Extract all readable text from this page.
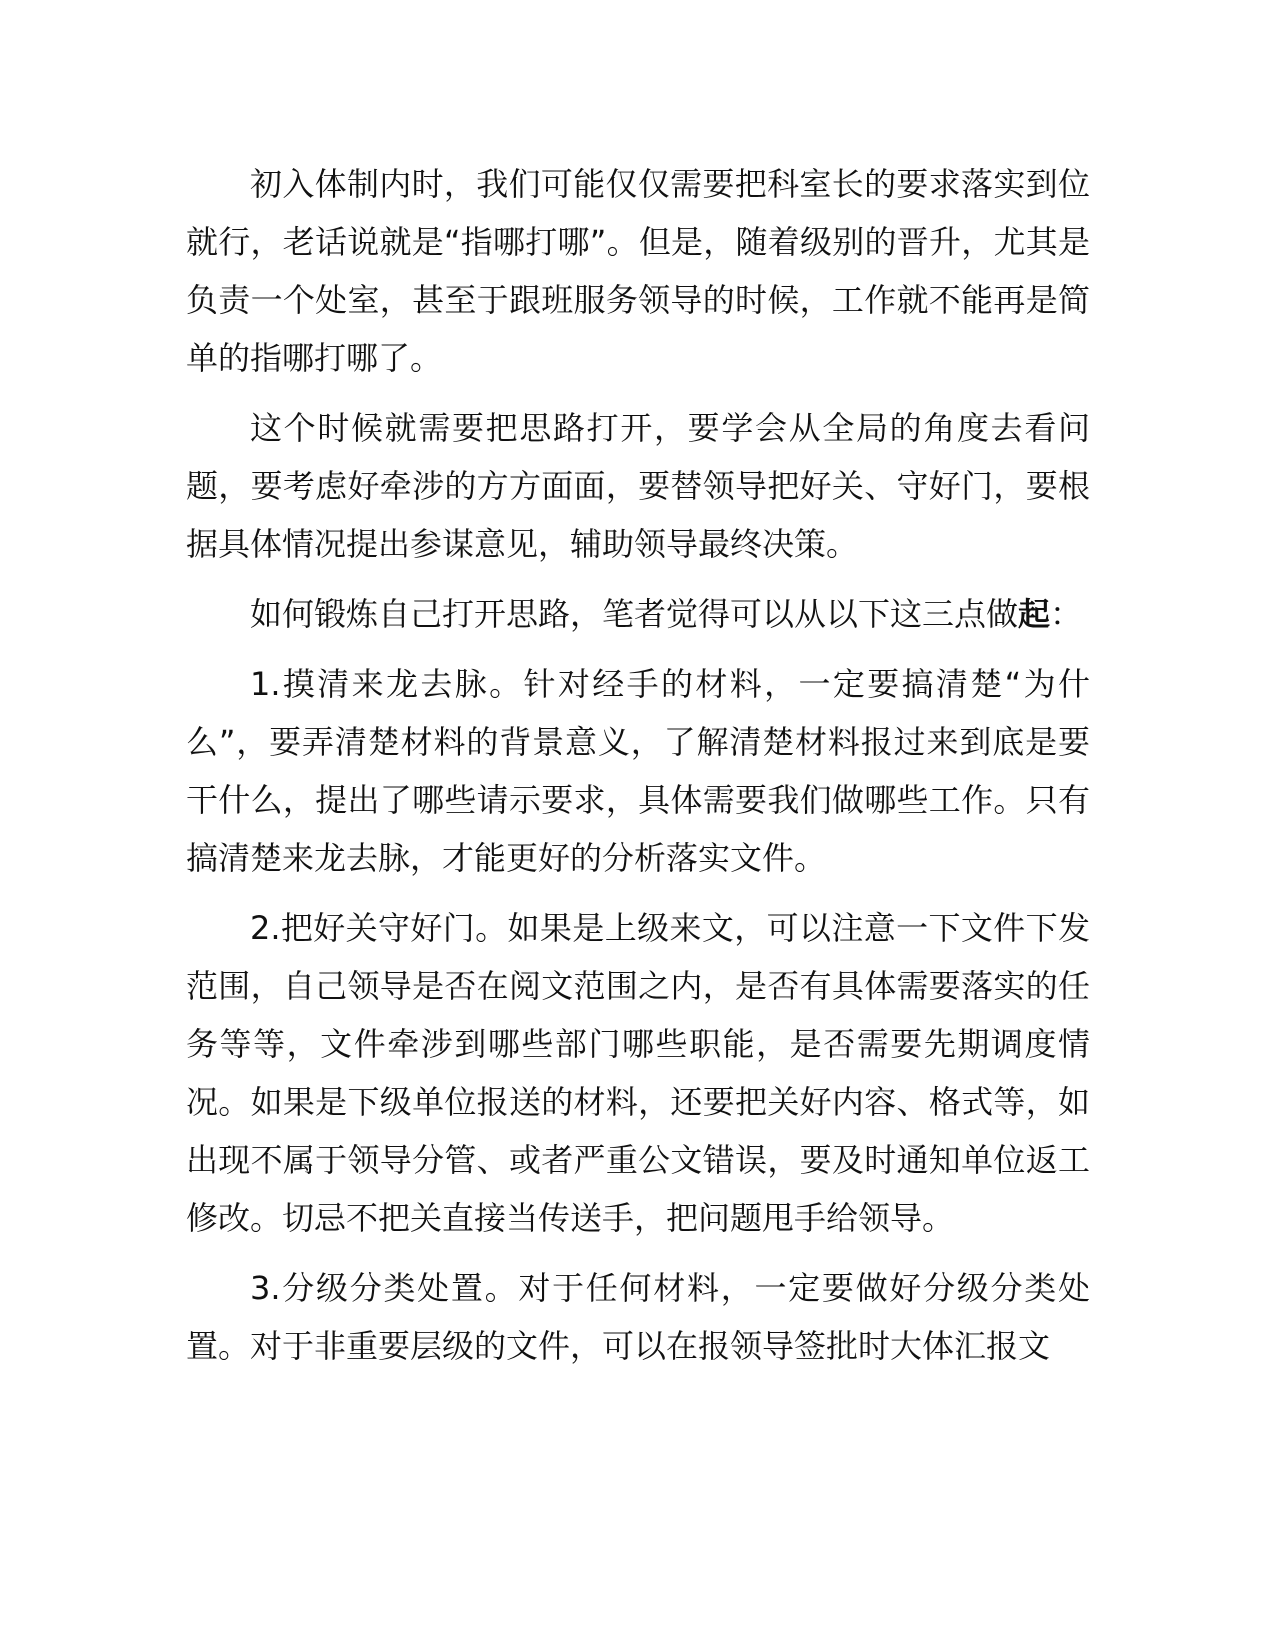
初入体制内时，我们可能仅仅需要把科室长的要求落实到位就行，老话说就是“指哪打哪”。但是，随着级别的晋升，尤其是负责一个处室，甚至于跟班服务领导的时候，工作就不能再是简单的指哪打哪了。

这个时候就需要把思路打开，要学会从全局的角度去看问题，要考虑好牵涉的方方面面，要替领导把好关、守好门，要根据具体情况提出参谋意见，辅助领导最终决策。

如何锻炼自己打开思路，笔者觉得可以从以下这三点做起：

1.摸清来龙去脉。针对经手的材料，一定要搞清楚“为什么”，要弄清楚材料的背景意义，了解清楚材料报过来到底是要干什么，提出了哪些请示要求，具体需要我们做哪些工作。只有搞清楚来龙去脉，才能更好的分析落实文件。

2.把好关守好门。如果是上级来文，可以注意一下文件下发范围，自己领导是否在阅文范围之内，是否有具体需要落实的任务等等，文件牵涉到哪些部门哪些职能，是否需要先期调度情况。如果是下级单位报送的材料，还要把关好内容、格式等，如出现不属于领导分管、或者严重公文错误，要及时通知单位返工修改。切忌不把关直接当传送手，把问题甩手给领导。

3.分级分类处置。对于任何材料，一定要做好分级分类处置。对于非重要层级的文件，可以在报领导签批时大体汇报文
